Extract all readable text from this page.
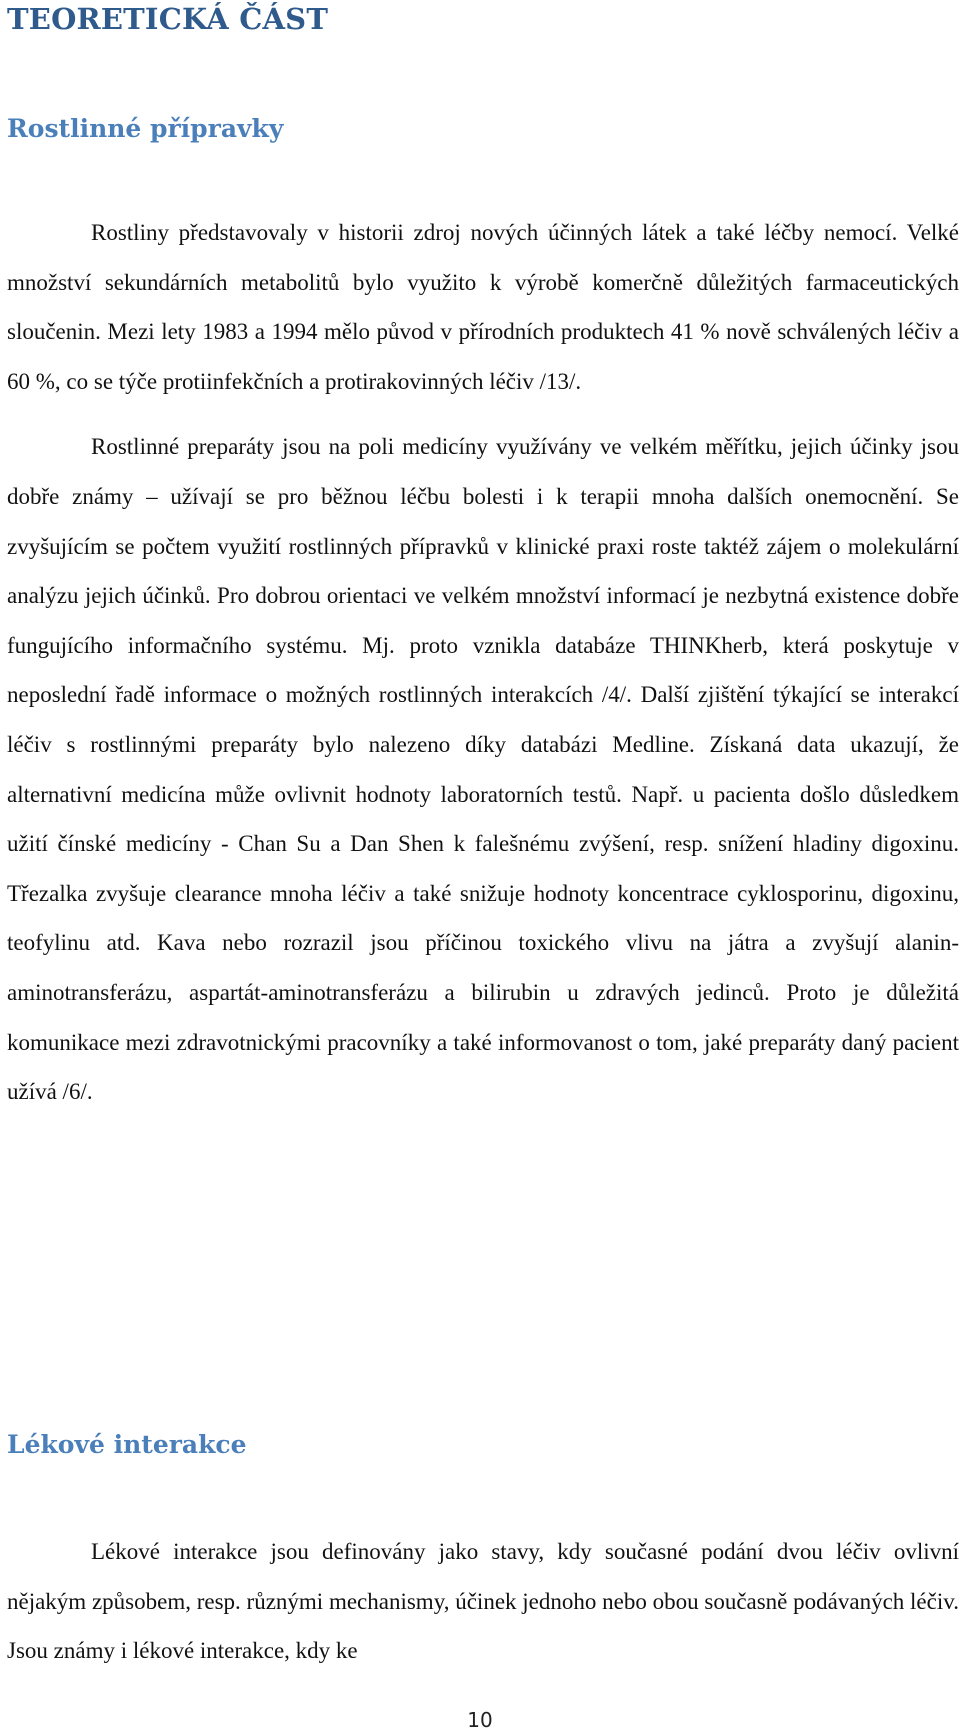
TEORETICKÁ ČÁST
Rostlinné přípravky

Rostliny představovaly v historii zdroj nových účinných látek a také léčby nemocí. Velké množství sekundárních metabolitů bylo využito k výrobě komerčně důležitých farmaceutických sloučenin. Mezi lety 1983 a 1994 mělo původ v přírodních produktech 41 % nově schválených léčiv a 60 %, co se týče protiinfekčních a protirakovinných léčiv /13/.

Rostlinné preparáty jsou na poli medicíny využívány ve velkém měřítku, jejich účinky jsou dobře známy – užívají se pro běžnou léčbu bolesti i k terapii mnoha dalších onemocnění. Se zvyšujícím se počtem využití rostlinných přípravků v klinické praxi roste taktéž zájem o molekulární analýzu jejich účinků. Pro dobrou orientaci ve velkém množství informací je nezbytná existence dobře fungujícího informačního systému. Mj. proto vznikla databáze THINKherb, která poskytuje v neposlední řadě informace o možných rostlinných interakcích /4/. Další zjištění týkající se interakcí léčiv s rostlinnými preparáty bylo nalezeno díky databázi Medline. Získaná data ukazují, že alternativní medicína může ovlivnit hodnoty laboratorních testů. Např. u pacienta došlo důsledkem užití čínské medicíny - Chan Su a Dan Shen k falešnému zvýšení, resp. snížení hladiny digoxinu. Třezalka zvyšuje clearance mnoha léčiv a také snižuje hodnoty koncentrace cyklosporinu, digoxinu, teofylinu atd. Kava nebo rozrazil jsou příčinou toxického vlivu na játra a zvyšují alanin-aminotransferázu, aspartát-aminotransferázu a bilirubin u zdravých jedinců. Proto je důležitá komunikace mezi zdravotnickými pracovníky a také informovanost o tom, jaké preparáty daný pacient užívá /6/.

Lékové interakce

Lékové interakce jsou definovány jako stavy, kdy současné podání dvou léčiv ovlivní nějakým způsobem, resp. různými mechanismy, účinek jednoho nebo obou současně podávaných léčiv. Jsou známy i lékové interakce, kdy ke

10
